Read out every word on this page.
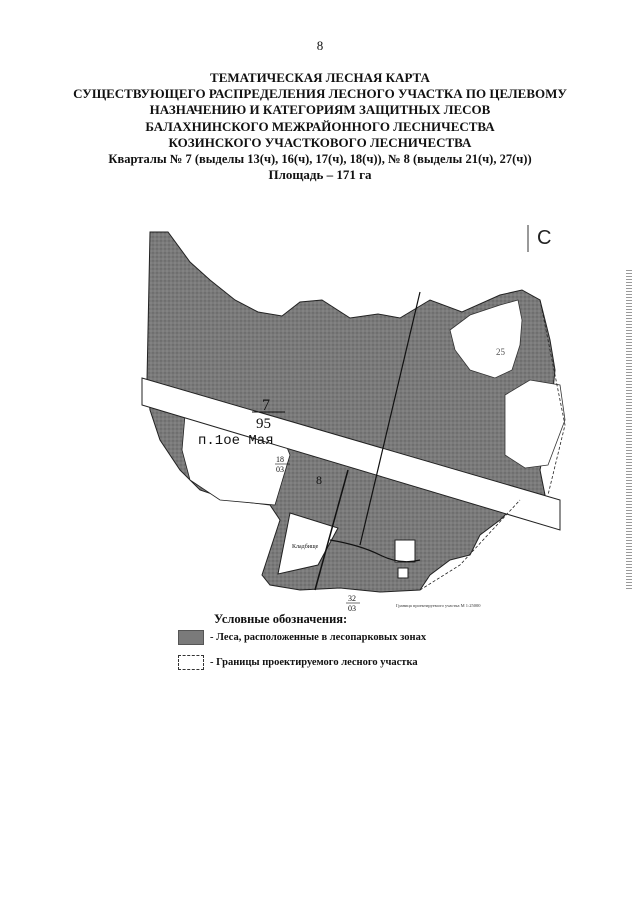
8
ТЕМАТИЧЕСКАЯ ЛЕСНАЯ КАРТА
СУЩЕСТВУЮЩЕГО РАСПРЕДЕЛЕНИЯ ЛЕСНОГО УЧАСТКА ПО ЦЕЛЕВОМУ
НАЗНАЧЕНИЮ И КАТЕГОРИЯМ ЗАЩИТНЫХ ЛЕСОВ
БАЛАХНИНСКОГО МЕЖРАЙОННОГО ЛЕСНИЧЕСТВА
КОЗИНСКОГО УЧАСТКОВОГО ЛЕСНИЧЕСТВА
Кварталы № 7 (выделы 13(ч), 16(ч), 17(ч), 18(ч)), № 8 (выделы 21(ч), 27(ч))
Площадь – 171 га
С
п.1ое Мая
7
95
18
03
8
Кладбище
25
32
03	Граница проектируемого участка М 1:25000
Условные обозначения:
- Леса, расположенные в лесопарковых зонах
- Границы проектируемого лесного участка
